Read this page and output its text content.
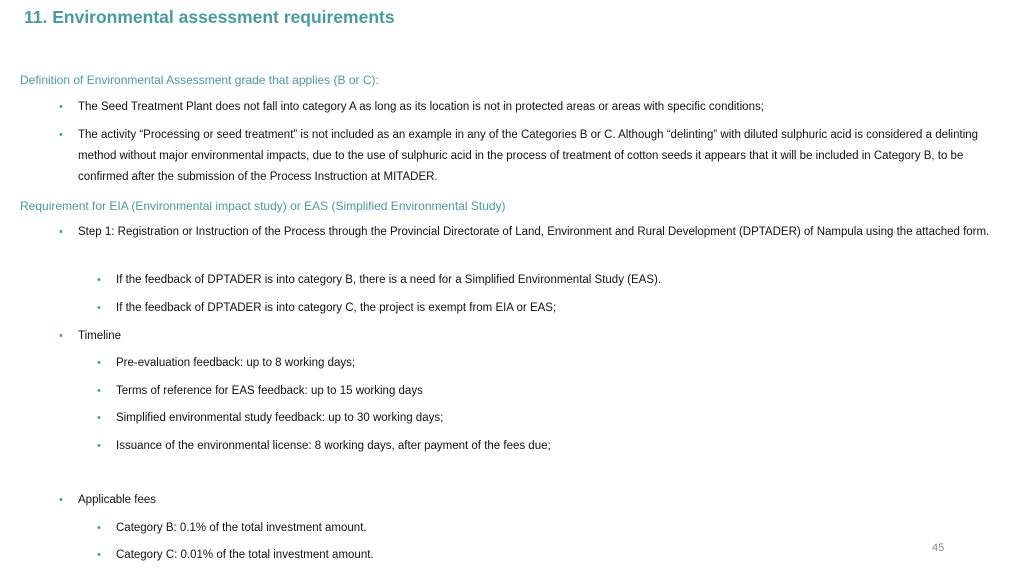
11. Environmental assessment requirements
Definition of Environmental Assessment grade that applies (B or C):
• The Seed Treatment Plant does not fall into category A as long as its location is not in protected areas or areas with specific conditions;
• The activity “Processing or seed treatment” is not included as an example in any of the Categories B or C. Although “delinting” with diluted sulphuric acid is considered a delinting method without major environmental impacts, due to the use of sulphuric acid in the process of treatment of cotton seeds it appears that it will be included in Category B, to be confirmed after the submission of the Process Instruction at MITADER.
Requirement for EIA (Environmental impact study) or EAS (Simplified Environmental Study)
• Step 1: Registration or Instruction of the Process through the Provincial Directorate of Land, Environment and Rural Development (DPTADER) of Nampula using the attached form.
• If the feedback of DPTADER is into category B, there is a need for a Simplified Environmental Study (EAS).
• If the feedback of DPTADER is into category C, the project is exempt from EIA or EAS;
• Timeline
• Pre-evaluation feedback: up to 8 working days;
• Terms of reference for EAS feedback: up to 15 working days
• Simplified environmental study feedback: up to 30 working days;
• Issuance of the environmental license: 8 working days, after payment of the fees due;
• Applicable fees
• Category B: 0.1% of the total investment amount.
• Category C: 0.01% of the total investment amount.
45
